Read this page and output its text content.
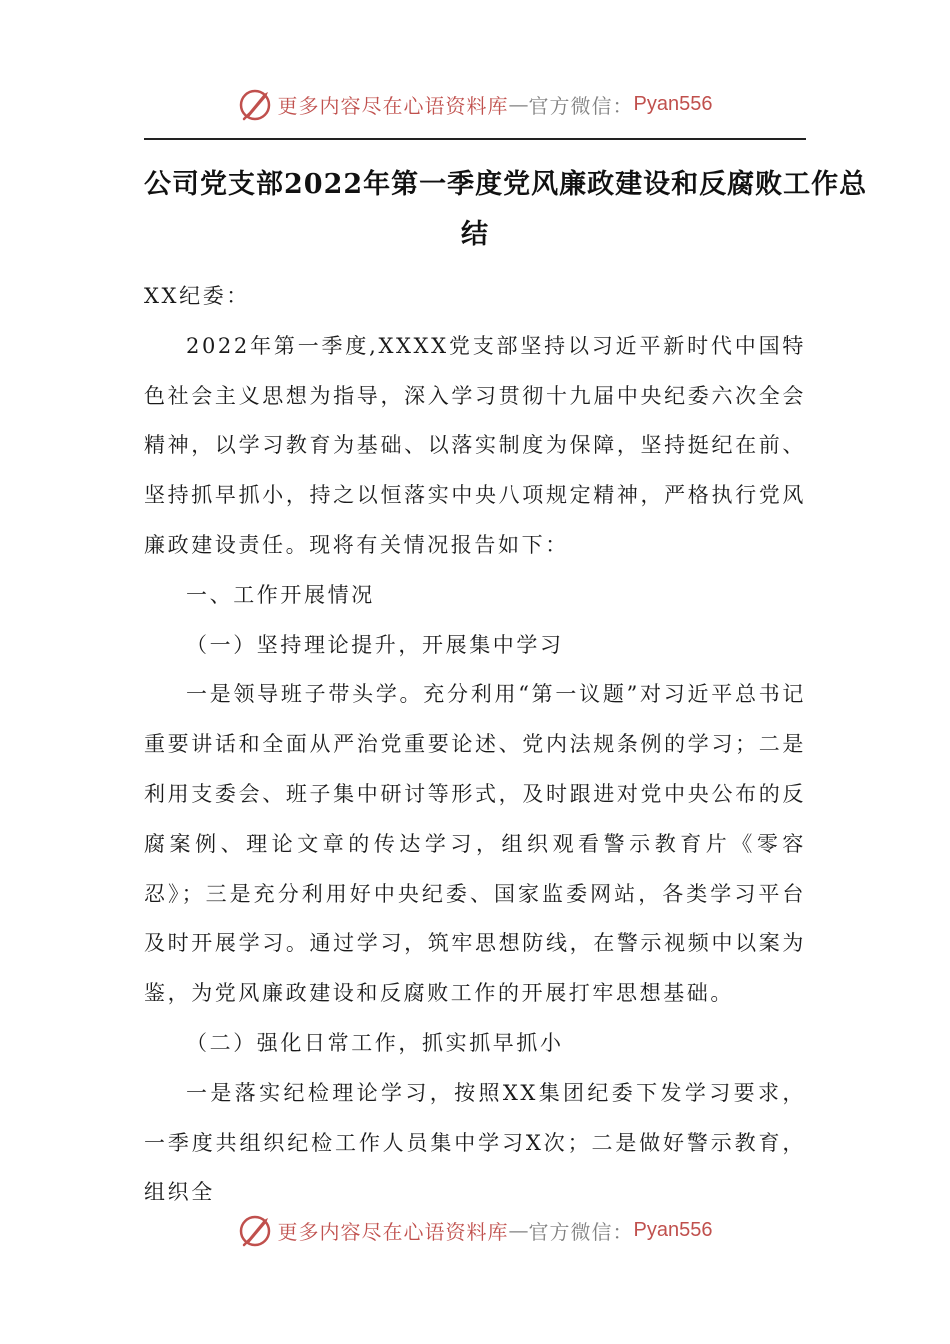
更多内容尽在心语资料库 — 官方微信： Pyan556
公司党支部2022年第一季度党风廉政建设和反腐败工作总
结

XX纪委：

2022年第一季度,XXXX党支部坚持以习近平新时代中国特色社会主义思想为指导，深入学习贯彻十九届中央纪委六次全会精神，以学习教育为基础、以落实制度为保障，坚持挺纪在前、坚持抓早抓小，持之以恒落实中央八项规定精神，严格执行党风廉政建设责任。现将有关情况报告如下：

一、工作开展情况

（一）坚持理论提升，开展集中学习

一是领导班子带头学。充分利用“第一议题”对习近平总书记重要讲话和全面从严治党重要论述、党内法规条例的学习；二是利用支委会、班子集中研讨等形式，及时跟进对党中央公布的反腐案例、理论文章的传达学习，组织观看警示教育片《零容忍》；三是充分利用好中央纪委、国家监委网站，各类学习平台及时开展学习。通过学习，筑牢思想防线，在警示视频中以案为鉴，为党风廉政建设和反腐败工作的开展打牢思想基础。

（二）强化日常工作，抓实抓早抓小

一是落实纪检理论学习，按照XX集团纪委下发学习要求，一季度共组织纪检工作人员集中学习X次；二是做好警示教育，组织全

更多内容尽在心语资料库 — 官方微信： Pyan556
